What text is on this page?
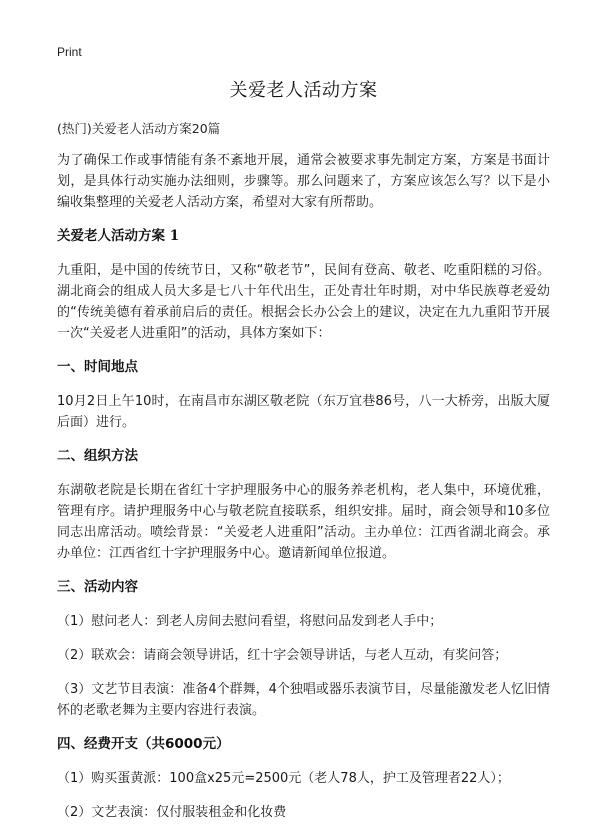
Print
关爱老人活动方案
(热门)关爱老人活动方案20篇

为了确保工作或事情能有条不紊地开展，通常会被要求事先制定方案，方案是书面计划，是具体行动实施办法细则，步骤等。那么问题来了，方案应该怎么写？以下是小编收集整理的关爱老人活动方案，希望对大家有所帮助。

关爱老人活动方案 1

九重阳，是中国的传统节日，又称“敬老节”，民间有登高、敬老、吃重阳糕的习俗。湖北商会的组成人员大多是七八十年代出生，正处青壮年时期，对中华民族尊老爱幼的“传统美德有着承前启后的责任。根据会长办公会上的建议，决定在九九重阳节开展一次“关爱老人进重阳”的活动，具体方案如下：

一、时间地点

10月2日上午10时，在南昌市东湖区敬老院（东万宜巷86号，八一大桥旁，出版大厦后面）进行。

二、组织方法

东湖敬老院是长期在省红十字护理服务中心的服务养老机构，老人集中，环境优雅，管理有序。请护理服务中心与敬老院直接联系，组织安排。届时，商会领导和10多位同志出席活动。喷绘背景：“关爱老人进重阳”活动。主办单位：江西省湖北商会。承办单位：江西省红十字护理服务中心。邀请新闻单位报道。

三、活动内容

（1）慰问老人：到老人房间去慰问看望，将慰问品发到老人手中；

（2）联欢会：请商会领导讲话，红十字会领导讲话，与老人互动，有奖问答；

（3）文艺节目表演：准备4个群舞，4个独唱或器乐表演节目，尽量能激发老人忆旧情怀的老歌老舞为主要内容进行表演。

四、经费开支（共6000元）

（1）购买蛋黄派：100盒x25元=2500元（老人78人，护工及管理者22人）；

（2）文艺表演：仅付服装租金和化妆费
